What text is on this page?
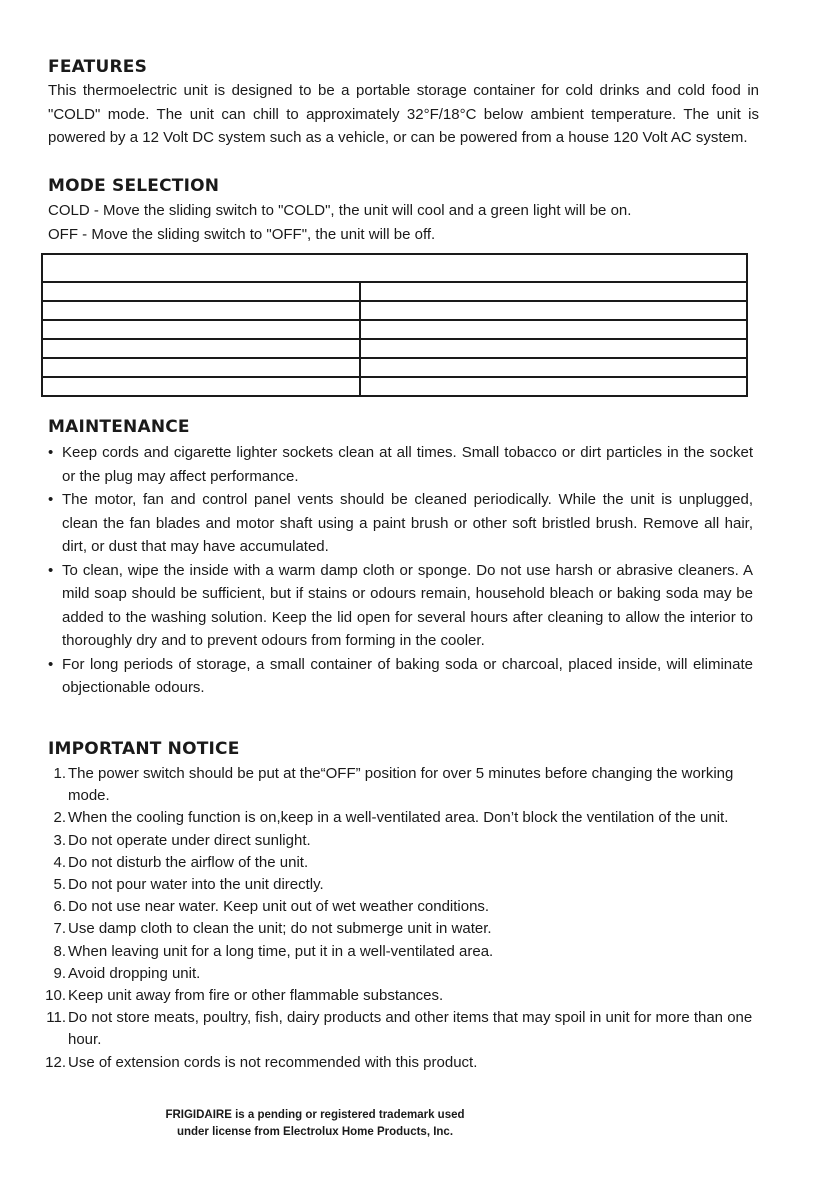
FEATURES

This thermoelectric unit is designed to be a portable storage container for cold drinks and cold food in "COLD" mode. The unit can chill to approximately 32°F/18°C below ambient temperature. The unit is powered by a 12 Volt DC system such as a vehicle, or can be powered from a house 120 Volt AC system.

MODE SELECTION
COLD - Move the sliding switch to "COLD", the unit will cool and a green light will be on.
OFF - Move the sliding switch to "OFF", the unit will be off.

MAINTENANCE
• Keep cords and cigarette lighter sockets clean at all times. Small tobacco or dirt particles in the socket or the plug may affect performance.
• The motor, fan and control panel vents should be cleaned periodically. While the unit is unplugged, clean the fan blades and motor shaft using a paint brush or other soft bristled brush. Remove all hair, dirt, or dust that may have accumulated.
• To clean, wipe the inside with a warm damp cloth or sponge. Do not use harsh or abrasive cleaners. A mild soap should be sufficient, but if stains or odours remain, household bleach or baking soda may be added to the washing solution. Keep the lid open for several hours after cleaning to allow the interior to thoroughly dry and to prevent odours from forming in the cooler.
• For long periods of storage, a small container of baking soda or charcoal, placed inside, will eliminate objectionable odours.
IMPORTANT NOTICE
1. The power switch should be put at the“OFF” position for over 5 minutes before changing the working mode.
2. When the cooling function is on,keep in a well-ventilated area. Don’t block the ventilation of the unit.
3. Do not operate under direct sunlight.
4. Do not disturb the airflow of the unit.
5. Do not pour water into the unit directly.
6. Do not use near water. Keep unit out of wet weather conditions.
7. Use damp cloth to clean the unit; do not submerge unit in water.
8. When leaving unit for a long time, put it in a well-ventilated area.
9. Avoid dropping unit.
10. Keep unit away from fire or other flammable substances.
11. Do not store meats, poultry, fish, dairy products and other items that may spoil in unit for more than one hour.
12. Use of extension cords is not recommended with this product.
FRIGIDAIRE is a pending or registered trademark used
under license from Electrolux Home Products, Inc.
